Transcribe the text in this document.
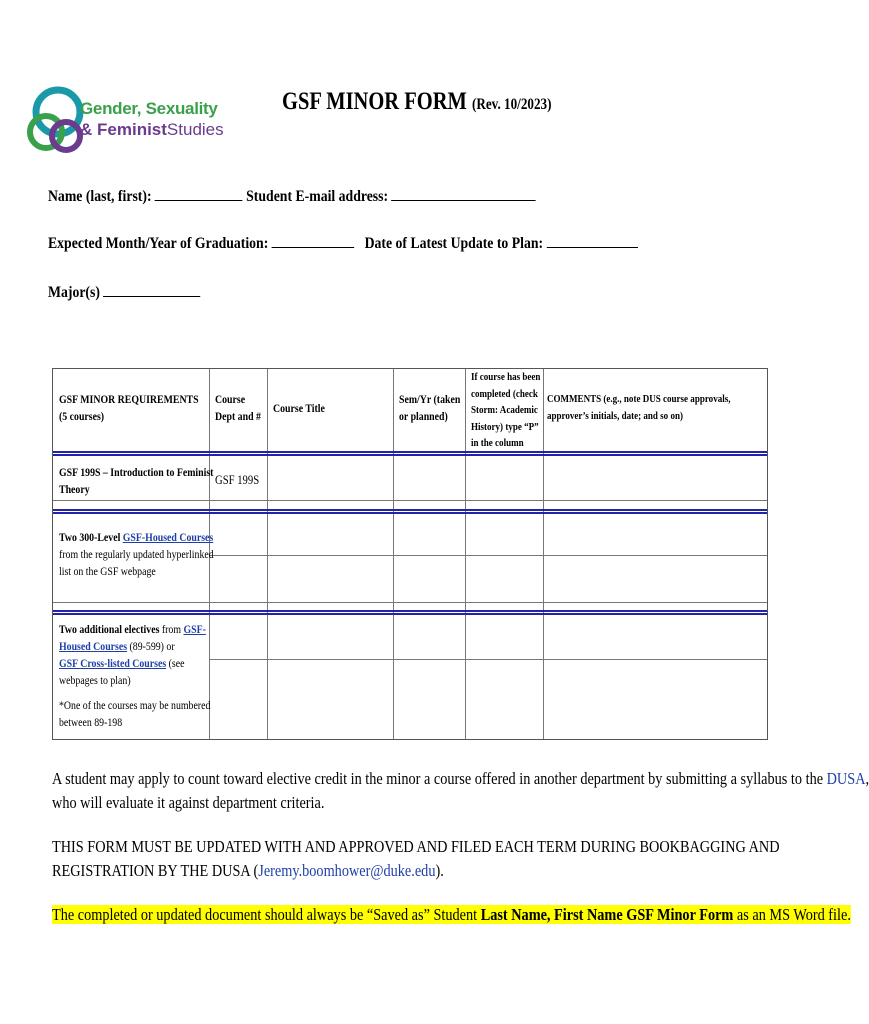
Gender, Sexuality
& FeministStudies
GSF MINOR FORM (Rev. 10/2023)
Name (last, first):	Student E-mail address:
Expected Month/Year of Graduation:	Date of Latest Update to Plan:
Major(s)
GSF MINOR REQUIREMENTS
(5 courses)
Course
Dept and #
Course Title
Sem/Yr (taken
or planned)
If course has been
completed (check
Storm: Academic
History) type “P”
in the column
COMMENTS (e.g., note DUS course approvals,
approver’s initials, date; and so on)
GSF 199S – Introduction to Feminist
Theory
GSF 199S
Two 300-Level GSF-Housed Courses
from the regularly updated hyperlinked
list on the GSF webpage
Two additional electives from GSF-
Housed Courses (89-599) or
GSF Cross-listed Courses (see
webpages to plan)
*One of the courses may be numbered
between 89-198
A student may apply to count toward elective credit in the minor a course offered in another department by submitting a syllabus to the DUSA,
who will evaluate it against department criteria.
THIS FORM MUST BE UPDATED WITH AND APPROVED AND FILED EACH TERM DURING BOOKBAGGING AND
REGISTRATION BY THE DUSA (Jeremy.boomhower@duke.edu).
The completed or updated document should always be “Saved as” Student Last Name, First Name GSF Minor Form as an MS Word file.
